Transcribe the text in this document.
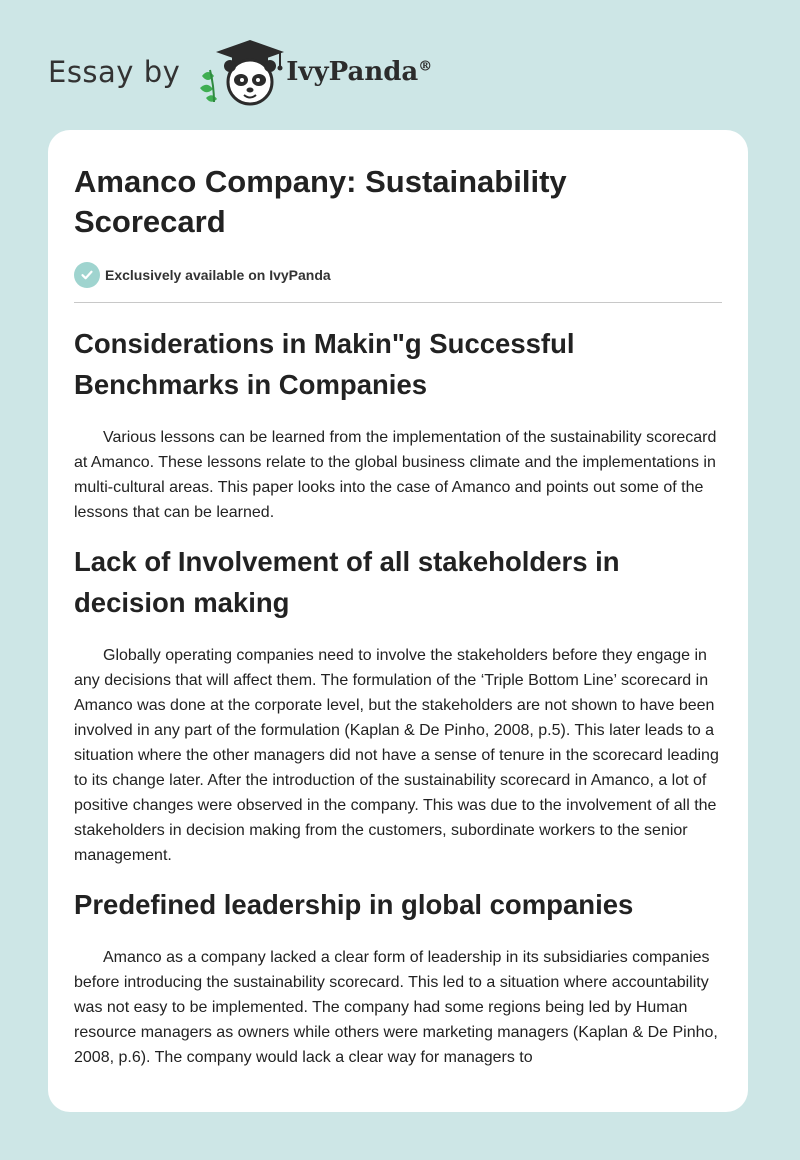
Essay by	IvyPanda®
Amanco Company: Sustainability Scorecard
Exclusively available on IvyPanda
Considerations in Makin"g Successful Benchmarks in Companies

Various lessons can be learned from the implementation of the sustainability scorecard at Amanco. These lessons relate to the global business climate and the implementations in multi-cultural areas. This paper looks into the case of Amanco and points out some of the lessons that can be learned.

Lack of Involvement of all stakeholders in decision making

Globally operating companies need to involve the stakeholders before they engage in any decisions that will affect them. The formulation of the ‘Triple Bottom Line’ scorecard in Amanco was done at the corporate level, but the stakeholders are not shown to have been involved in any part of the formulation (Kaplan & De Pinho, 2008, p.5). This later leads to a situation where the other managers did not have a sense of tenure in the scorecard leading to its change later. After the introduction of the sustainability scorecard in Amanco, a lot of positive changes were observed in the company. This was due to the involvement of all the stakeholders in decision making from the customers, subordinate workers to the senior management.

Predefined leadership in global companies

Amanco as a company lacked a clear form of leadership in its subsidiaries companies before introducing the sustainability scorecard. This led to a situation where accountability was not easy to be implemented. The company had some regions being led by Human resource managers as owners while others were marketing managers (Kaplan & De Pinho, 2008, p.6). The company would lack a clear way for managers to
